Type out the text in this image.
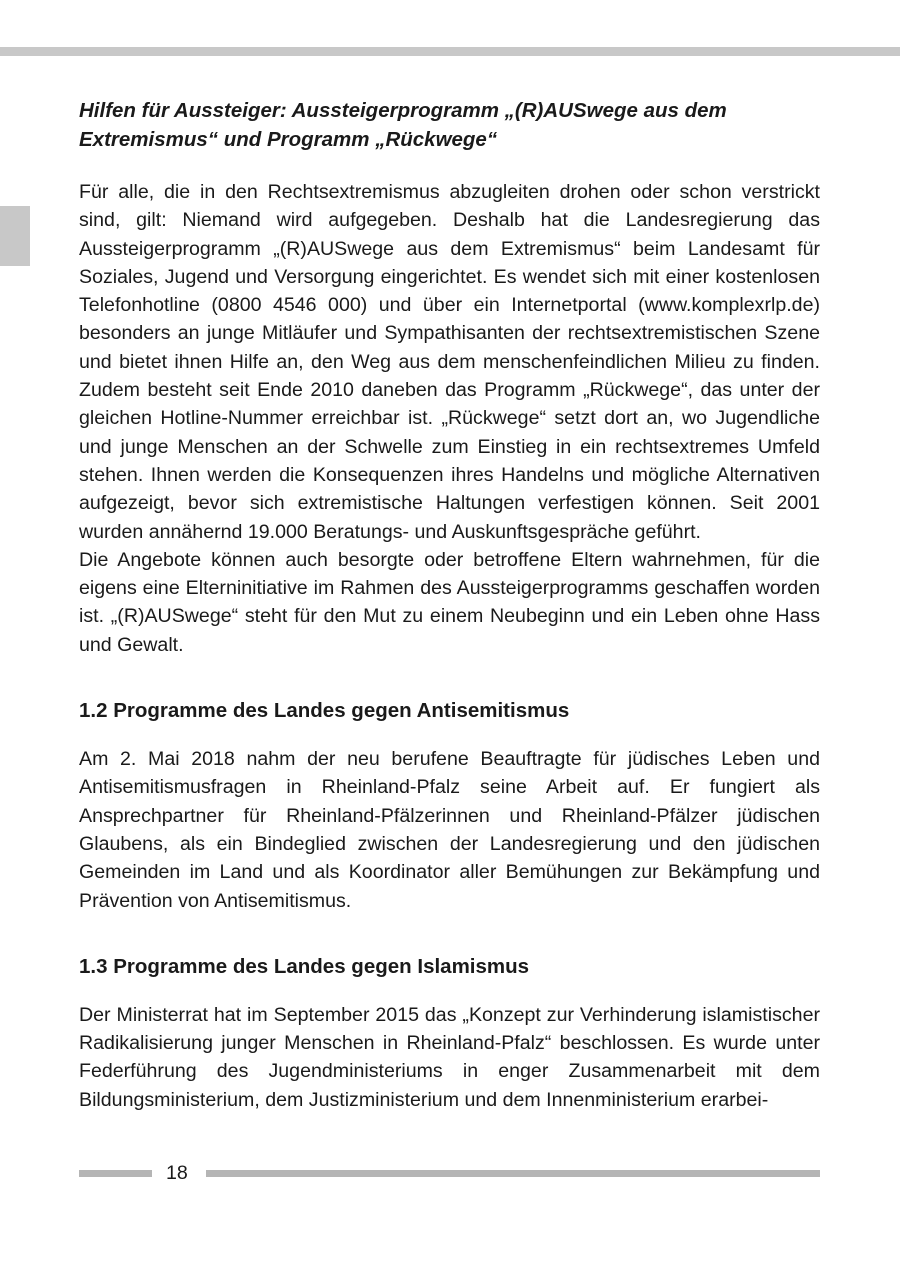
Hilfen für Aussteiger: Aussteigerprogramm „(R)AUSwege aus dem Extremismus“ und Programm „Rückwege“

Für alle, die in den Rechtsextremismus abzugleiten drohen oder schon verstrickt sind, gilt: Niemand wird aufgegeben. Deshalb hat die Landesregierung das Aussteigerprogramm „(R)AUSwege aus dem Extremismus“ beim Landesamt für Soziales, Jugend und Versorgung eingerichtet. Es wendet sich mit einer kostenlosen Telefonhotline (0800 4546 000) und über ein Internetportal (www.komplexrlp.de) besonders an junge Mitläufer und Sympathisanten der rechtsextremistischen Szene und bietet ihnen Hilfe an, den Weg aus dem menschenfeindlichen Milieu zu finden. Zudem besteht seit Ende 2010 daneben das Programm „Rückwege“, das unter der gleichen Hotline-Nummer erreichbar ist. „Rückwege“ setzt dort an, wo Jugendliche und junge Menschen an der Schwelle zum Einstieg in ein rechtsextremes Umfeld stehen. Ihnen werden die Konsequenzen ihres Handelns und mögliche Alternativen aufgezeigt, bevor sich extremistische Haltungen verfestigen können. Seit 2001 wurden annähernd 19.000 Beratungs- und Auskunftsgespräche geführt.

Die Angebote können auch besorgte oder betroffene Eltern wahrnehmen, für die eigens eine Elterninitiative im Rahmen des Aussteigerprogramms geschaffen worden ist. „(R)AUSwege“ steht für den Mut zu einem Neubeginn und ein Leben ohne Hass und Gewalt.

1.2 Programme des Landes gegen Antisemitismus

Am 2. Mai 2018 nahm der neu berufene Beauftragte für jüdisches Leben und Antisemitismusfragen in Rheinland-Pfalz seine Arbeit auf. Er fungiert als Ansprechpartner für Rheinland-Pfälzerinnen und Rheinland-Pfälzer jüdischen Glaubens, als ein Bindeglied zwischen der Landesregierung und den jüdischen Gemeinden im Land und als Koordinator aller Bemühungen zur Bekämpfung und Prävention von Antisemitismus.

1.3 Programme des Landes gegen Islamismus

Der Ministerrat hat im September 2015 das „Konzept zur Verhinderung islamistischer Radikalisierung junger Menschen in Rheinland-Pfalz“ beschlossen. Es wurde unter Federführung des Jugendministeriums in enger Zusammenarbeit mit dem Bildungsministerium, dem Justizministerium und dem Innenministerium erarbei-

18
